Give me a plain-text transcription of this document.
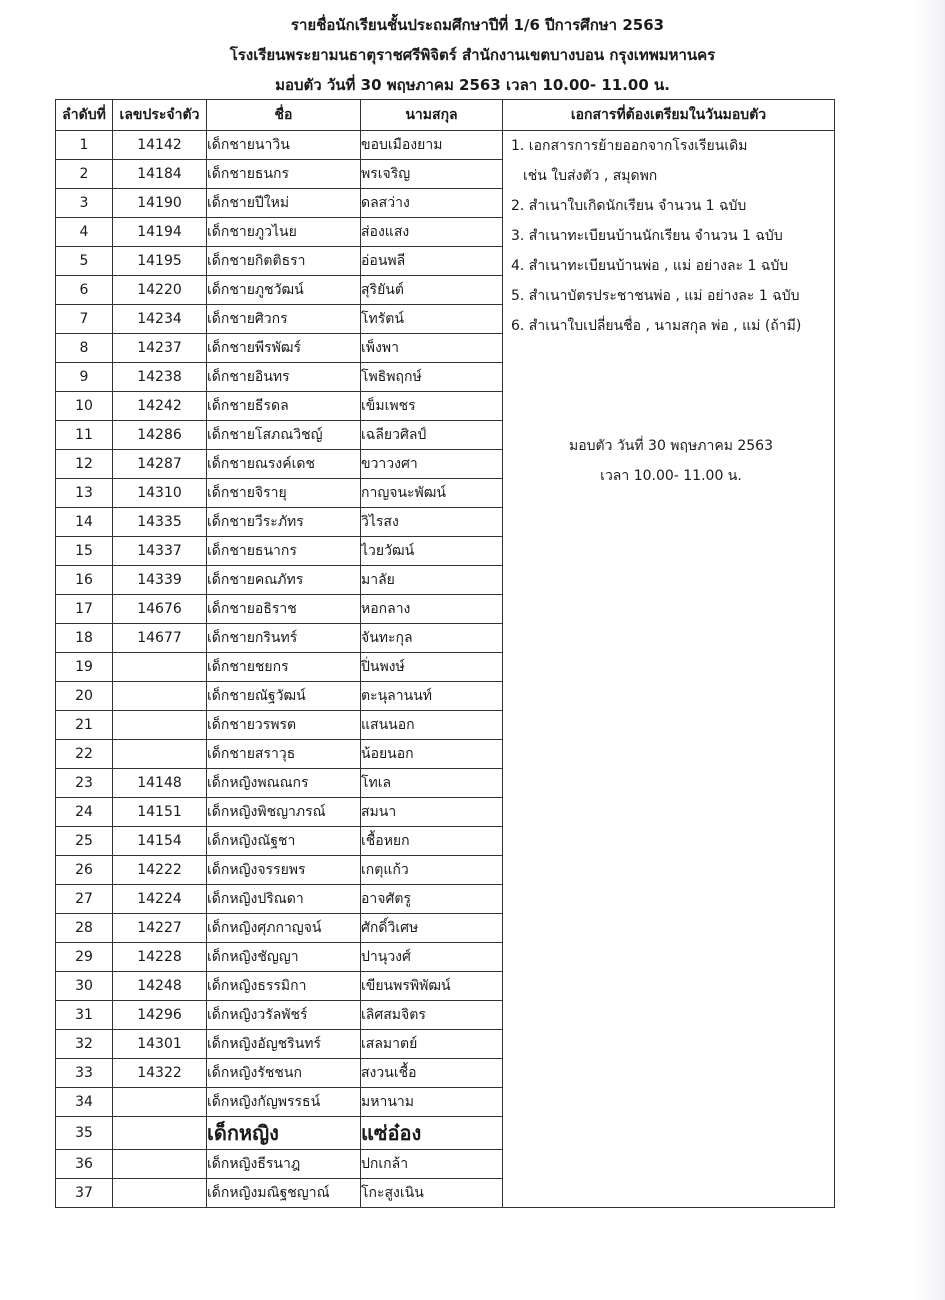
รายชื่อนักเรียนชั้นประถมศึกษาปีที่ 1/6 ปีการศึกษา 2563
โรงเรียนพระยามนธาตุราชศรีพิจิตร์ สำนักงานเขตบางบอน กรุงเทพมหานคร
มอบตัว วันที่ 30 พฤษภาคม 2563 เวลา 10.00- 11.00 น.
ลำดับที่	เลขประจำตัว	ชื่อ	นามสกุล	เอกสารที่ต้องเตรียมในวันมอบตัว
1	14142	เด็กชายนาวิน	ขอบเมืองยาม	
2	14184	เด็กชายธนกร	พรเจริญ	
3	14190	เด็กชายปีใหม่	ดลสว่าง	
4	14194	เด็กชายภูวไนย	ส่องแสง	
5	14195	เด็กชายกิตติธรา	อ่อนพลี	
6	14220	เด็กชายภูชวัฒน์	สุริยันต์	
7	14234	เด็กชายศิวกร	โทรัตน์	
8	14237	เด็กชายพีรพัฒร์	เพ็งพา	
9	14238	เด็กชายอินทร	โพธิพฤกษ์	
10	14242	เด็กชายธีรดล	เข็มเพชร	
11	14286	เด็กชายโสภณวิชญ์	เฉลียวศิลป์	
12	14287	เด็กชายณรงค์เดช	ขวาวงศา	
13	14310	เด็กชายจิรายุ	กาญจนะพัฒน์	
14	14335	เด็กชายวีระภัทร	วิไรสง	
15	14337	เด็กชายธนากร	ไวยวัฒน์	
16	14339	เด็กชายคณภัทร	มาลัย	
17	14676	เด็กชายอธิราช	หอกลาง	
18	14677	เด็กชายกรินทร์	จันทะกุล	
19		เด็กชายชยกร	ปิ่นพงษ์	
20		เด็กชายณัฐวัฒน์	ตะนุลานนท์	
21		เด็กชายวรพรต	แสนนอก	
22		เด็กชายสราวุธ	น้อยนอก	
23	14148	เด็กหญิงพณณกร	โทเล	
24	14151	เด็กหญิงพิชญาภรณ์	สมนา	
25	14154	เด็กหญิงณัฐชา	เชื้อหยก	
26	14222	เด็กหญิงจรรยพร	เกตุแก้ว	
27	14224	เด็กหญิงปริณดา	อาจศัตรู	
28	14227	เด็กหญิงศุภกาญจน์	ศักดิ์วิเศษ	
29	14228	เด็กหญิงชัญญา	ปานุวงศ์	
30	14248	เด็กหญิงธรรมิกา	เขียนพรพิพัฒน์	
31	14296	เด็กหญิงวรัลพัชร์	เลิศสมจิตร	
32	14301	เด็กหญิงอัญชรินทร์	เสลมาตย์	
33	14322	เด็กหญิงรัชชนก	สงวนเชื้อ	
34		เด็กหญิงกัญพรรธน์	มหานาม	
35		เด็กหญิง	แซ่อ๋อง	
36		เด็กหญิงธีรนาฎ	ปกเกล้า	
37		เด็กหญิงมณิฐชญาณ์	โกะสูงเนิน	
1. เอกสารการย้ายออกจากโรงเรียนเดิม
เช่น ใบส่งตัว , สมุดพก
2. สำเนาใบเกิดนักเรียน จำนวน 1 ฉบับ
3. สำเนาทะเบียนบ้านนักเรียน จำนวน 1 ฉบับ
4. สำเนาทะเบียนบ้านพ่อ , แม่ อย่างละ 1 ฉบับ
5. สำเนาบัตรประชาชนพ่อ , แม่ อย่างละ 1 ฉบับ
6. สำเนาใบเปลี่ยนชื่อ , นามสกุล พ่อ , แม่ (ถ้ามี)
มอบตัว วันที่ 30 พฤษภาคม 2563
เวลา 10.00- 11.00 น.
